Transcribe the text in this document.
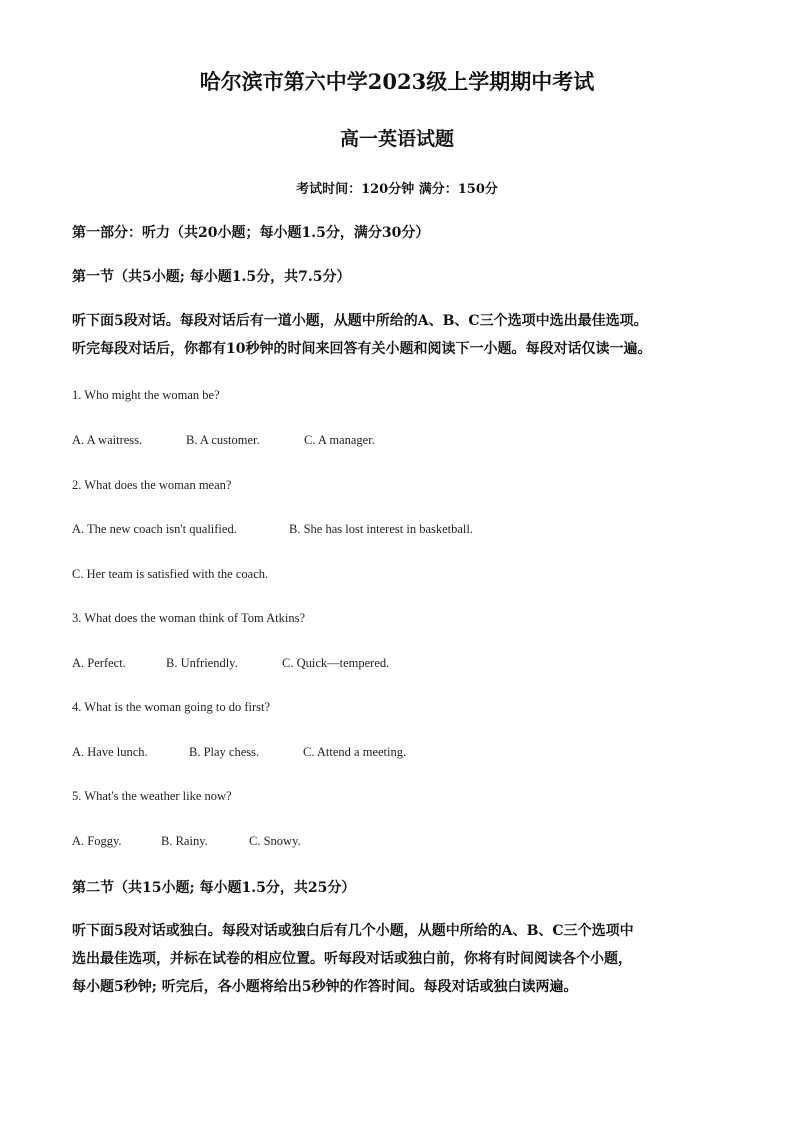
哈尔滨市第六中学2023级上学期期中考试
高一英语试题
考试时间：120分钟 满分：150分
第一部分：听力（共20小题；每小题1.5分，满分30分）
第一节（共5小题; 每小题1.5分，共7.5分）
听下面5段对话。每段对话后有一道小题，从题中所给的A、B、C三个选项中选出最佳选项。
听完每段对话后，你都有10秒钟的时间来回答有关小题和阅读下一小题。每段对话仅读一遍。
1. Who might the woman be?
A. A waitress.	B. A customer.	C. A manager.
2. What does the woman mean?
A. The new coach isn't qualified.	B. She has lost interest in basketball.
C. Her team is satisfied with the coach.
3. What does the woman think of Tom Atkins?
A. Perfect.	B. Unfriendly.	C. Quick—tempered.
4. What is the woman going to do first?
A. Have lunch.	B. Play chess.	C. Attend a meeting.
5. What's the weather like now?
A. Foggy.	B. Rainy.	C. Snowy.
第二节（共15小题; 每小题1.5分，共25分）
听下面5段对话或独白。每段对话或独白后有几个小题，从题中所给的A、B、C三个选项中
选出最佳选项，并标在试卷的相应位置。听每段对话或独白前，你将有时间阅读各个小题，
每小题5秒钟; 听完后，各小题将给出5秒钟的作答时间。每段对话或独白读两遍。
